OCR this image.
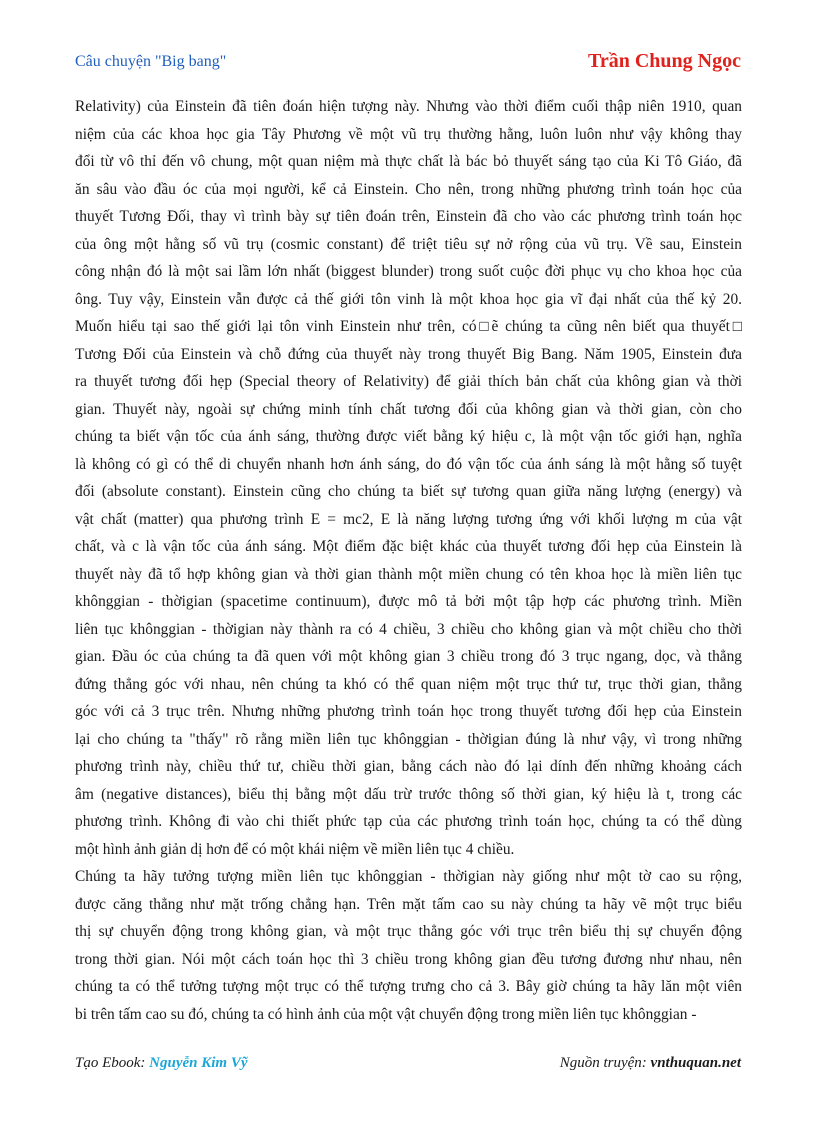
Câu chuyện "Big bang"	Trần Chung Ngọc

Relativity) của Einstein đã tiên đoán hiện tượng này. Nhưng vào thời điểm cuối thập niên 1910, quan
niệm của các khoa học gia Tây Phương về một vũ trụ thường hằng, luôn luôn như vậy không thay
đổi từ vô thỉ đến vô chung, một quan niệm mà thực chất là bác bỏ thuyết sáng tạo của Ki Tô Giáo, đã
ăn sâu vào đầu óc của mọi người, kể cả Einstein. Cho nên, trong những phương trình toán học của
thuyết Tương Đối, thay vì trình bày sự tiên đoán trên, Einstein đã cho vào các phương trình toán học
của ông một hằng số vũ trụ (cosmic constant) để triệt tiêu sự nở rộng của vũ trụ. Về sau, Einstein
công nhận đó là một sai lầm lớn nhất (biggest blunder) trong suốt cuộc đời phục vụ cho khoa học của
ông. Tuy vậy, Einstein vẫn được cả thế giới tôn vinh là một khoa học gia vĩ đại nhất của thế kỷ 20.
Muốn hiểu tại sao thế giới lại tôn vinh Einstein như trên, có□ẽ chúng ta cũng nên biết qua thuyết□
Tương Đối của Einstein và chỗ đứng của thuyết này trong thuyết Big Bang. Năm 1905, Einstein đưa
ra thuyết tương đối hẹp (Special theory of Relativity) để giải thích bản chất của không gian và thời
gian. Thuyết này, ngoài sự chứng minh tính chất tương đối của không gian và thời gian, còn cho
chúng ta biết vận tốc của ánh sáng, thường được viết bằng ký hiệu c, là một vận tốc giới hạn, nghĩa
là không có gì có thể di chuyển nhanh hơn ánh sáng, do đó vận tốc của ánh sáng là một hằng số tuyệt
đối (absolute constant). Einstein cũng cho chúng ta biết sự tương quan giữa năng lượng (energy) và
vật chất (matter) qua phương trình E = mc2, E là năng lượng tương ứng với khối lượng m của vật
chất, và c là vận tốc của ánh sáng. Một điểm đặc biệt khác của thuyết tương đối hẹp của Einstein là
thuyết này đã tổ hợp không gian và thời gian thành một miền chung có tên khoa học là miền liên tục
khônggian - thờigian (spacetime continuum), được mô tả bởi một tập hợp các phương trình. Miền
liên tục khônggian - thờigian này thành ra có 4 chiều, 3 chiều cho không gian và một chiều cho thời
gian. Đầu óc của chúng ta đã quen với một không gian 3 chiều trong đó 3 trục ngang, dọc, và thẳng
đứng thẳng góc với nhau, nên chúng ta khó có thể quan niệm một trục thứ tư, trục thời gian, thẳng
góc với cả 3 trục trên. Nhưng những phương trình toán học trong thuyết tương đối hẹp của Einstein
lại cho chúng ta "thấy" rõ rằng miền liên tục khônggian - thờigian đúng là như vậy, vì trong những
phương trình này, chiều thứ tư, chiều thời gian, bằng cách nào đó lại dính đến những khoảng cách
âm (negative distances), biểu thị bằng một dấu trừ trước thông số thời gian, ký hiệu là t, trong các
phương trình. Không đi vào chi thiết phức tạp của các phương trình toán học, chúng ta có thể dùng
một hình ảnh giản dị hơn để có một khái niệm về miền liên tục 4 chiều.

Chúng ta hãy tưởng tượng miền liên tục khônggian - thờigian này giống như một tờ cao su rộng,
được căng thẳng như mặt trống chẳng hạn. Trên mặt tấm cao su này chúng ta hãy vẽ một trục biểu
thị sự chuyển động trong không gian, và một trục thẳng góc với trục trên biểu thị sự chuyển động
trong thời gian. Nói một cách toán học thì 3 chiều trong không gian đều tương đương như nhau, nên
chúng ta có thể tưởng tượng một trục có thể tượng trưng cho cả 3. Bây giờ chúng ta hãy lăn một viên
bi trên tấm cao su đó, chúng ta có hình ảnh của một vật chuyển động trong miền liên tục khônggian -

Tạo Ebook: Nguyễn Kim Vỹ	Nguồn truyện: vnthuquan.net
